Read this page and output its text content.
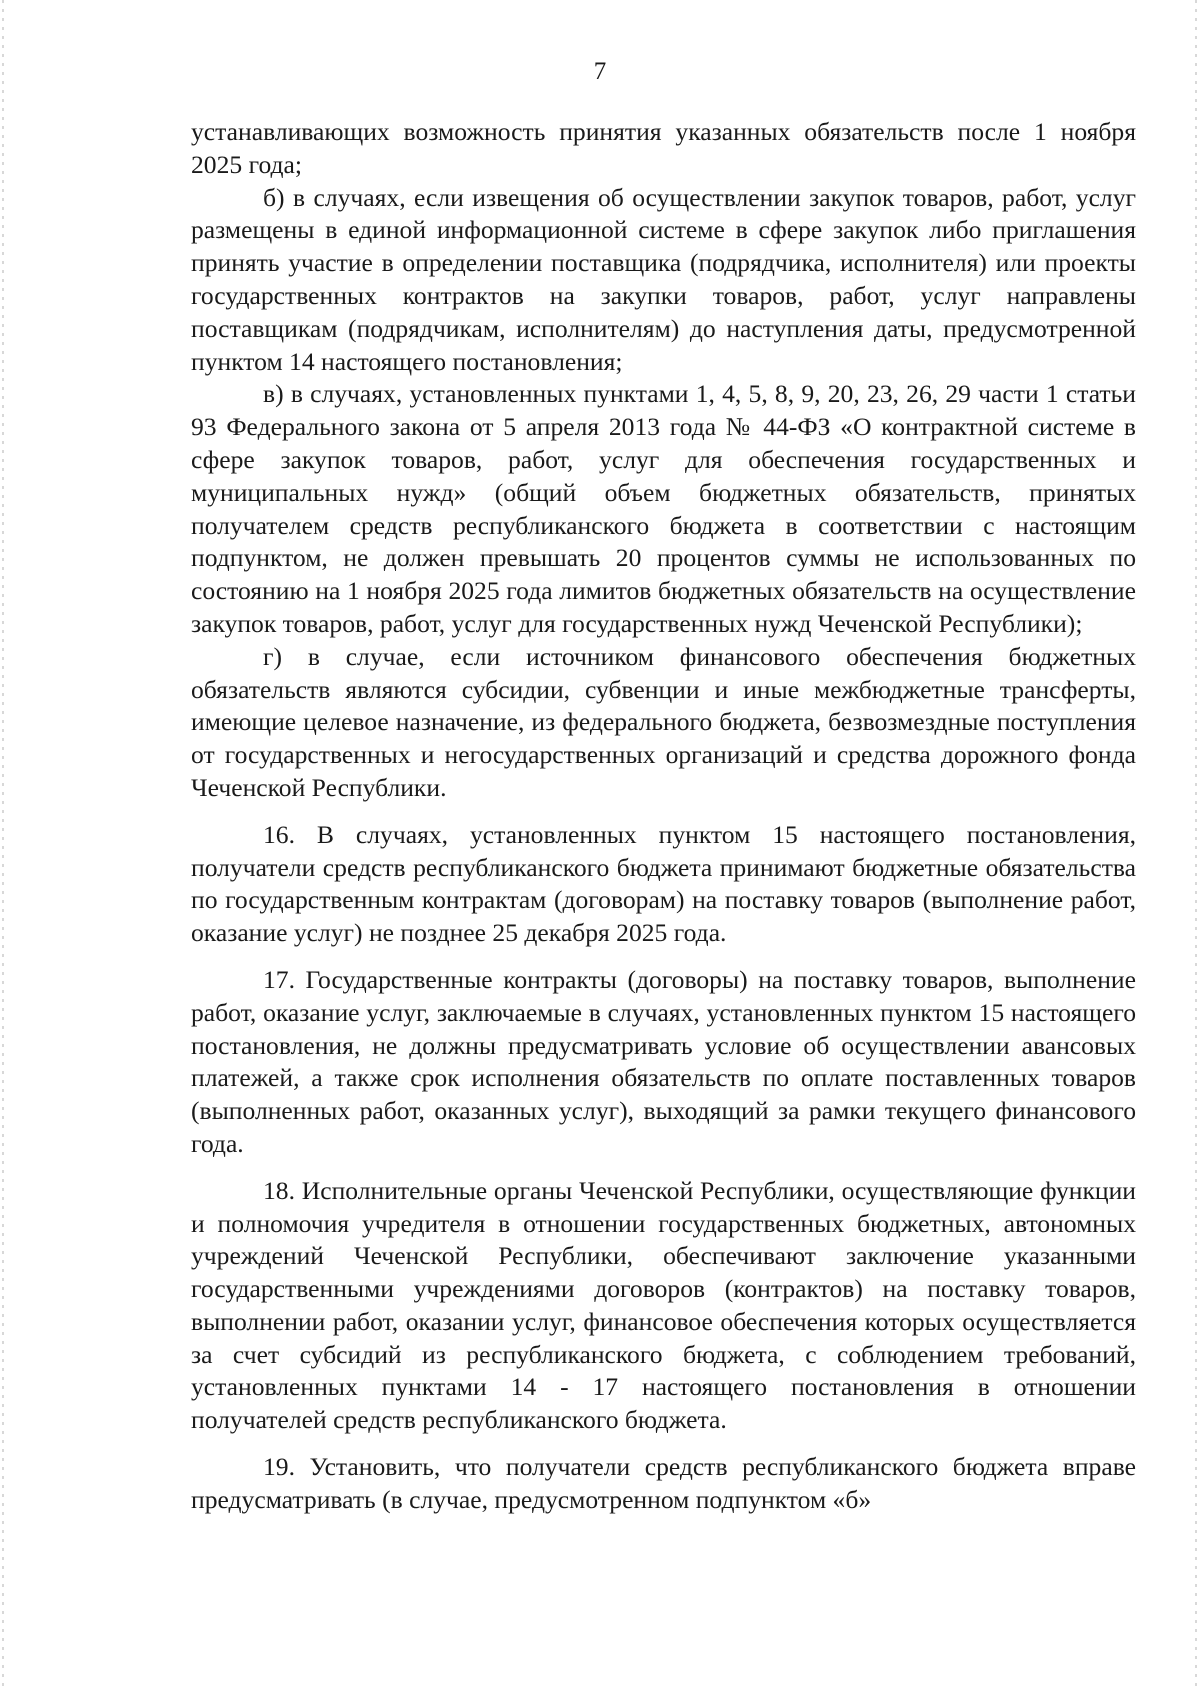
7

устанавливающих возможность принятия указанных обязательств после 1 ноября 2025 года;

б) в случаях, если извещения об осуществлении закупок товаров, работ, услуг размещены в единой информационной системе в сфере закупок либо приглашения принять участие в определении поставщика (подрядчика, исполнителя) или проекты государственных контрактов на закупки товаров, работ, услуг направлены поставщикам (подрядчикам, исполнителям) до наступления даты, предусмотренной пунктом 14 настоящего постановления;

в) в случаях, установленных пунктами 1, 4, 5, 8, 9, 20, 23, 26, 29 части 1 статьи 93 Федерального закона от 5 апреля 2013 года № 44-ФЗ «О контрактной системе в сфере закупок товаров, работ, услуг для обеспечения государственных и муниципальных нужд» (общий объем бюджетных обязательств, принятых получателем средств республиканского бюджета в соответствии с настоящим подпунктом, не должен превышать 20 процентов суммы не использованных по состоянию на 1 ноября 2025 года лимитов бюджетных обязательств на осуществление закупок товаров, работ, услуг для государственных нужд Чеченской Республики);

г) в случае, если источником финансового обеспечения бюджетных обязательств являются субсидии, субвенции и иные межбюджетные трансферты, имеющие целевое назначение, из федерального бюджета, безвозмездные поступления от государственных и негосударственных организаций и средства дорожного фонда Чеченской Республики.

16. В случаях, установленных пунктом 15 настоящего постановления, получатели средств республиканского бюджета принимают бюджетные обязательства по государственным контрактам (договорам) на поставку товаров (выполнение работ, оказание услуг) не позднее 25 декабря 2025 года.

17. Государственные контракты (договоры) на поставку товаров, выполнение работ, оказание услуг, заключаемые в случаях, установленных пунктом 15 настоящего постановления, не должны предусматривать условие об осуществлении авансовых платежей, а также срок исполнения обязательств по оплате поставленных товаров (выполненных работ, оказанных услуг), выходящий за рамки текущего финансового года.

18. Исполнительные органы Чеченской Республики, осуществляющие функции и полномочия учредителя в отношении государственных бюджетных, автономных учреждений Чеченской Республики, обеспечивают заключение указанными государственными учреждениями договоров (контрактов) на поставку товаров, выполнении работ, оказании услуг, финансовое обеспечения которых осуществляется за счет субсидий из республиканского бюджета, с соблюдением требований, установленных пунктами 14 - 17 настоящего постановления в отношении получателей средств республиканского бюджета.

19. Установить, что получатели средств республиканского бюджета вправе предусматривать (в случае, предусмотренном подпунктом «б»
